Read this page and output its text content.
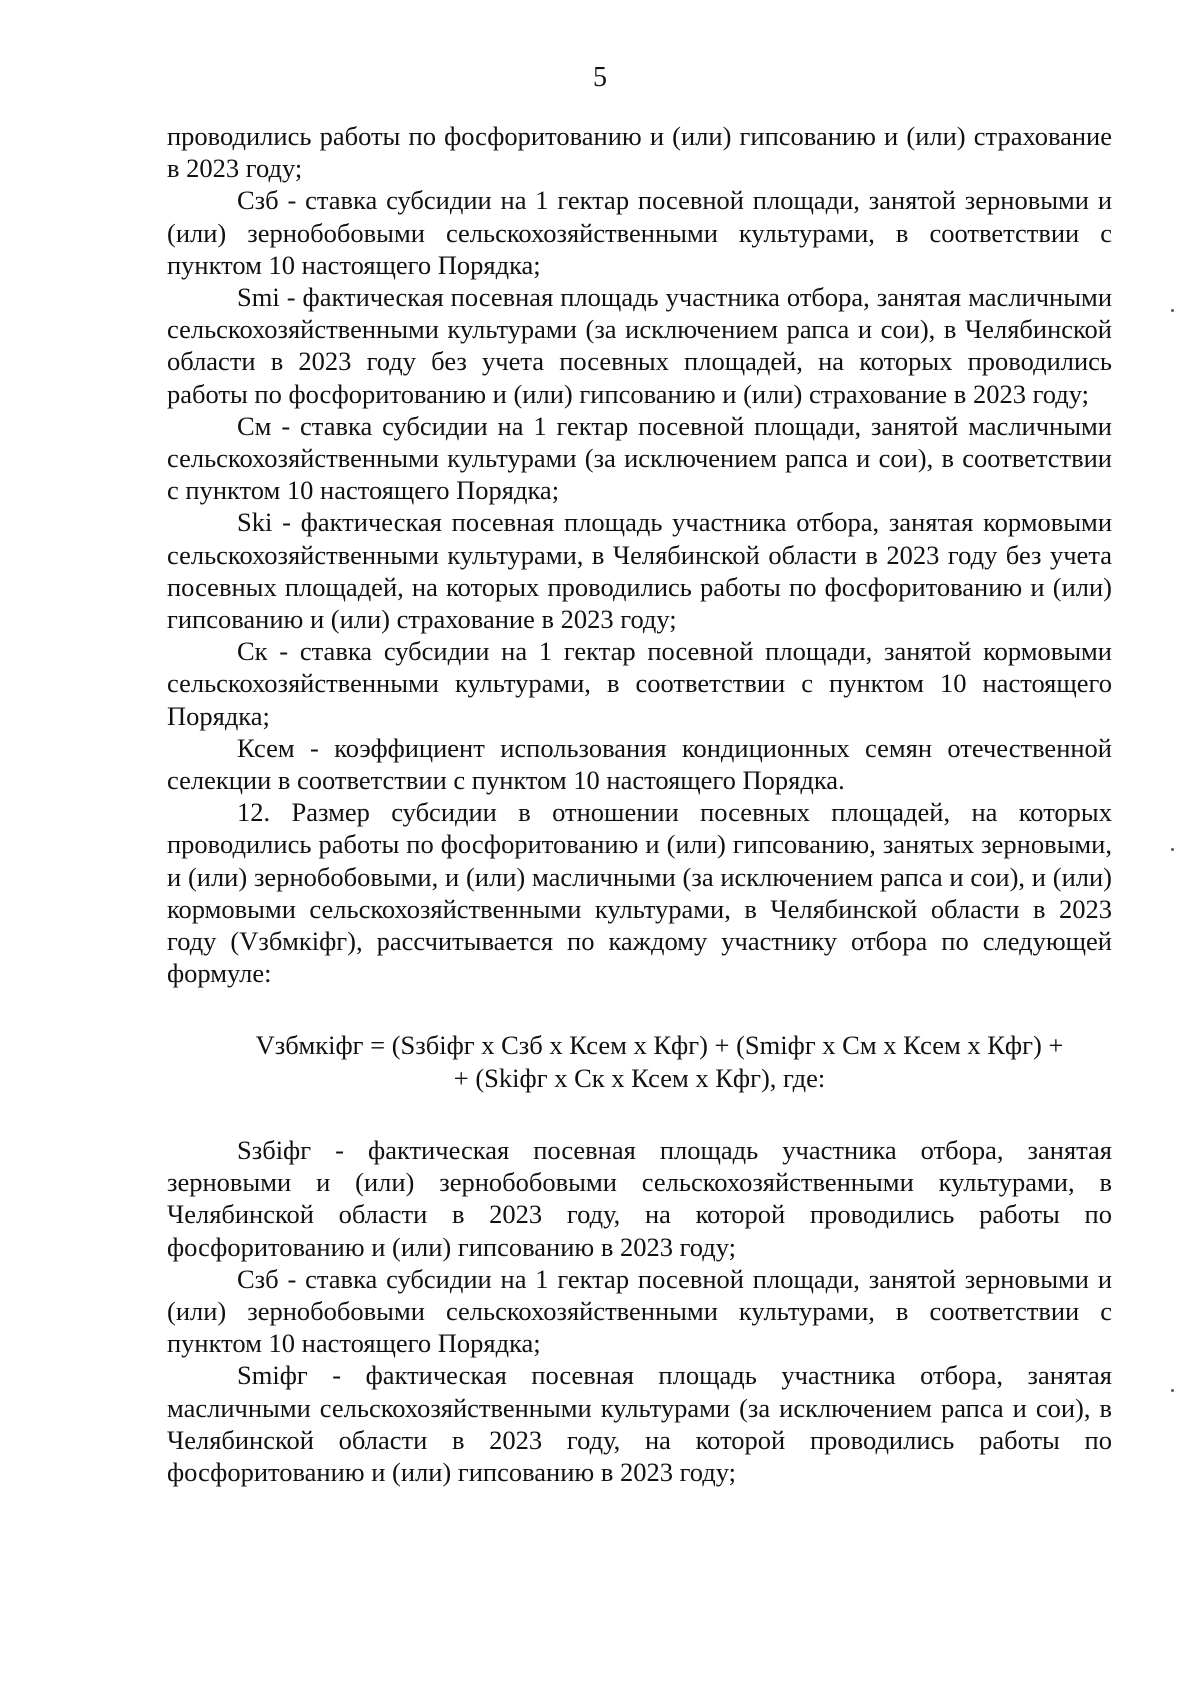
5

проводились работы по фосфоритованию и (или) гипсованию и (или) страхование в 2023 году;

Сзб - ставка субсидии на 1 гектар посевной площади, занятой зерновыми и (или) зернобобовыми сельскохозяйственными культурами, в соответствии с пунктом 10 настоящего Порядка;

Smi - фактическая посевная площадь участника отбора, занятая масличными сельскохозяйственными культурами (за исключением рапса и сои), в Челябинской области в 2023 году без учета посевных площадей, на которых проводились работы по фосфоритованию и (или) гипсованию и (или) страхование в 2023 году;

См - ставка субсидии на 1 гектар посевной площади, занятой масличными сельскохозяйственными культурами (за исключением рапса и сои), в соответствии с пунктом 10 настоящего Порядка;

Ski - фактическая посевная площадь участника отбора, занятая кормовыми сельскохозяйственными культурами, в Челябинской области в 2023 году без учета посевных площадей, на которых проводились работы по фосфоритованию и (или) гипсованию и (или) страхование в 2023 году;

Ск - ставка субсидии на 1 гектар посевной площади, занятой кормовыми сельскохозяйственными культурами, в соответствии с пунктом 10 настоящего Порядка;

Ксем - коэффициент использования кондиционных семян отечественной селекции в соответствии с пунктом 10 настоящего Порядка.

12. Размер субсидии в отношении посевных площадей, на которых проводились работы по фосфоритованию и (или) гипсованию, занятых зерновыми, и (или) зернобобовыми, и (или) масличными (за исключением рапса и сои), и (или) кормовыми сельскохозяйственными культурами, в Челябинской области в 2023 году (Vзбмкiфг), рассчитывается по каждому участнику отбора по следующей формуле:

Vзбмкiфг = (Sзбiфг x Сзб x Ксем x Кфг) + (Smiфг x См x Ксем x Кфг) +
+ (Skiфг x Ск x Ксем x Кфг), где:

Sзбiфг - фактическая посевная площадь участника отбора, занятая зерновыми и (или) зернобобовыми сельскохозяйственными культурами, в Челябинской области в 2023 году, на которой проводились работы по фосфоритованию и (или) гипсованию в 2023 году;

Сзб - ставка субсидии на 1 гектар посевной площади, занятой зерновыми и (или) зернобобовыми сельскохозяйственными культурами, в соответствии с пунктом 10 настоящего Порядка;

Smiфг - фактическая посевная площадь участника отбора, занятая масличными сельскохозяйственными культурами (за исключением рапса и сои), в Челябинской области в 2023 году, на которой проводились работы по фосфоритованию и (или) гипсованию в 2023 году;
